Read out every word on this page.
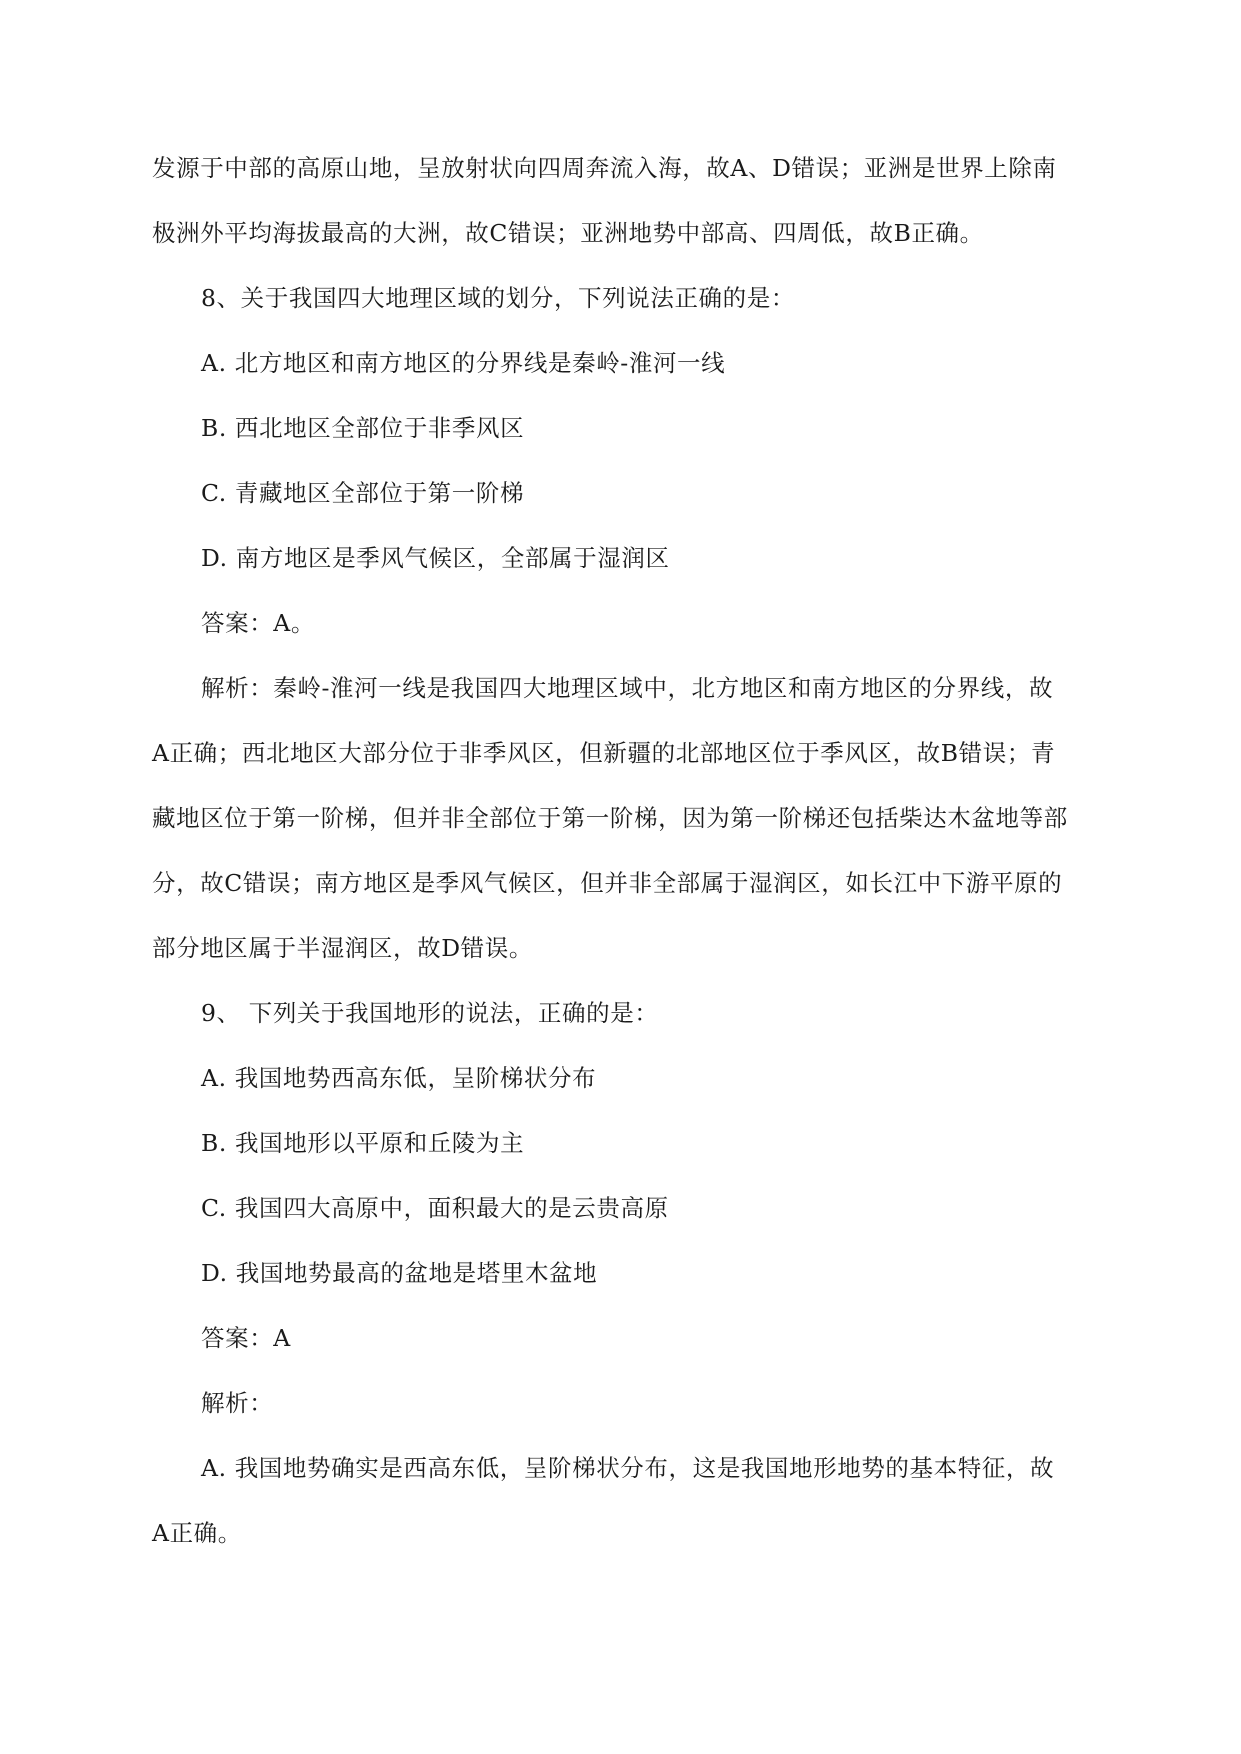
发源于中部的高原山地，呈放射状向四周奔流入海，故A、D错误；亚洲是世界上除南
极洲外平均海拔最高的大洲，故C错误；亚洲地势中部高、四周低，故B正确。
8、关于我国四大地理区域的划分，下列说法正确的是：
A. 北方地区和南方地区的分界线是秦岭-淮河一线
B. 西北地区全部位于非季风区
C. 青藏地区全部位于第一阶梯
D. 南方地区是季风气候区，全部属于湿润区
答案：A。
解析：秦岭-淮河一线是我国四大地理区域中，北方地区和南方地区的分界线，故
A正确；西北地区大部分位于非季风区，但新疆的北部地区位于季风区，故B错误；青
藏地区位于第一阶梯，但并非全部位于第一阶梯，因为第一阶梯还包括柴达木盆地等部
分，故C错误；南方地区是季风气候区，但并非全部属于湿润区，如长江中下游平原的
部分地区属于半湿润区，故D错误。
9、 下列关于我国地形的说法，正确的是：
A. 我国地势西高东低，呈阶梯状分布
B. 我国地形以平原和丘陵为主
C. 我国四大高原中，面积最大的是云贵高原
D. 我国地势最高的盆地是塔里木盆地
答案：A
解析：
A. 我国地势确实是西高东低，呈阶梯状分布，这是我国地形地势的基本特征，故
A正确。
